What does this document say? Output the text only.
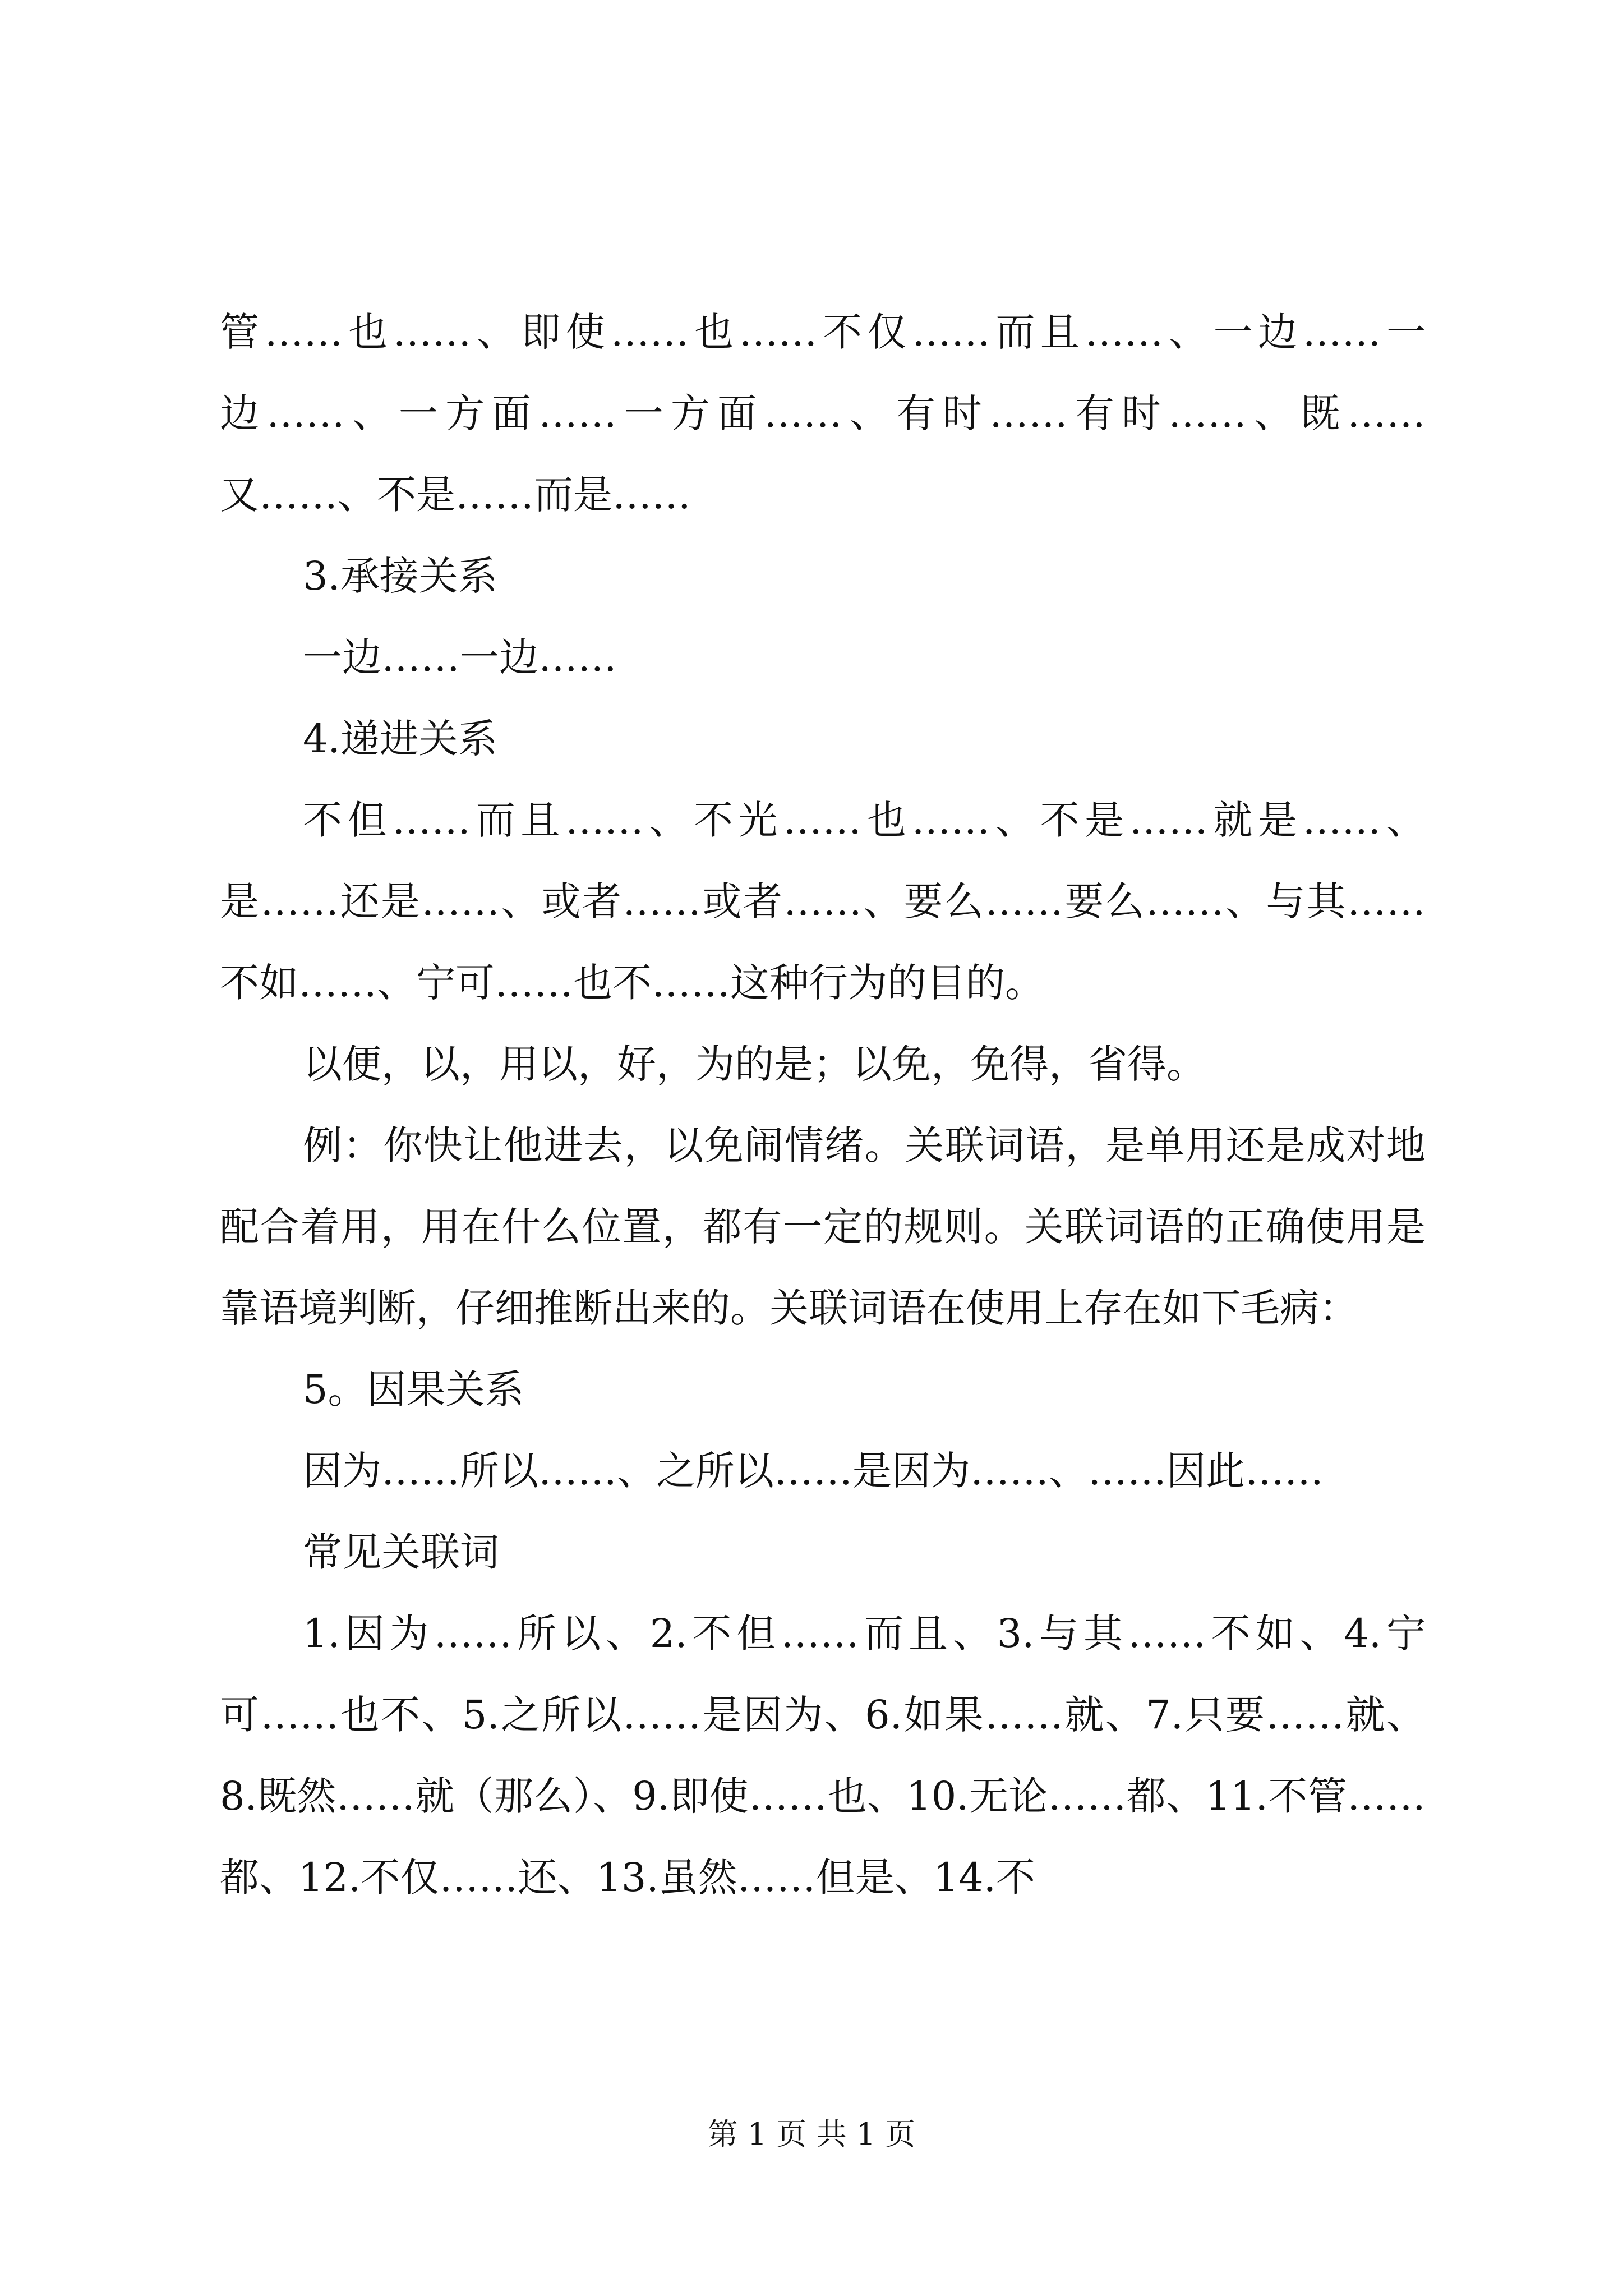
管……也……、即使……也……不仅……而且……、一边……一边……、一方面……一方面……、有时……有时……、既……又……、不是……而是……

3.承接关系

一边……一边……

4.递进关系

不但……而且……、不光……也……、不是……就是……、是……还是……、或者……或者……、要么……要么……、与其……不如……、宁可……也不……这种行为的目的。

以便，以，用以，好，为的是；以免，免得，省得。

例：你快让他进去，以免闹情绪。关联词语，是单用还是成对地配合着用，用在什么位置，都有一定的规则。关联词语的正确使用是靠语境判断，仔细推断出来的。关联词语在使用上存在如下毛病：

5。因果关系

因为……所以……、之所以……是因为……、……因此……

常见关联词

1.因为……所以、2.不但……而且、3.与其……不如、4.宁可……也不、5.之所以……是因为、6.如果……就、7.只要……就、8.既然……就（那么）、9.即使……也、10.无论……都、11.不管……都、12.不仅……还、13.虽然……但是、14.不

第 1 页 共 1 页
